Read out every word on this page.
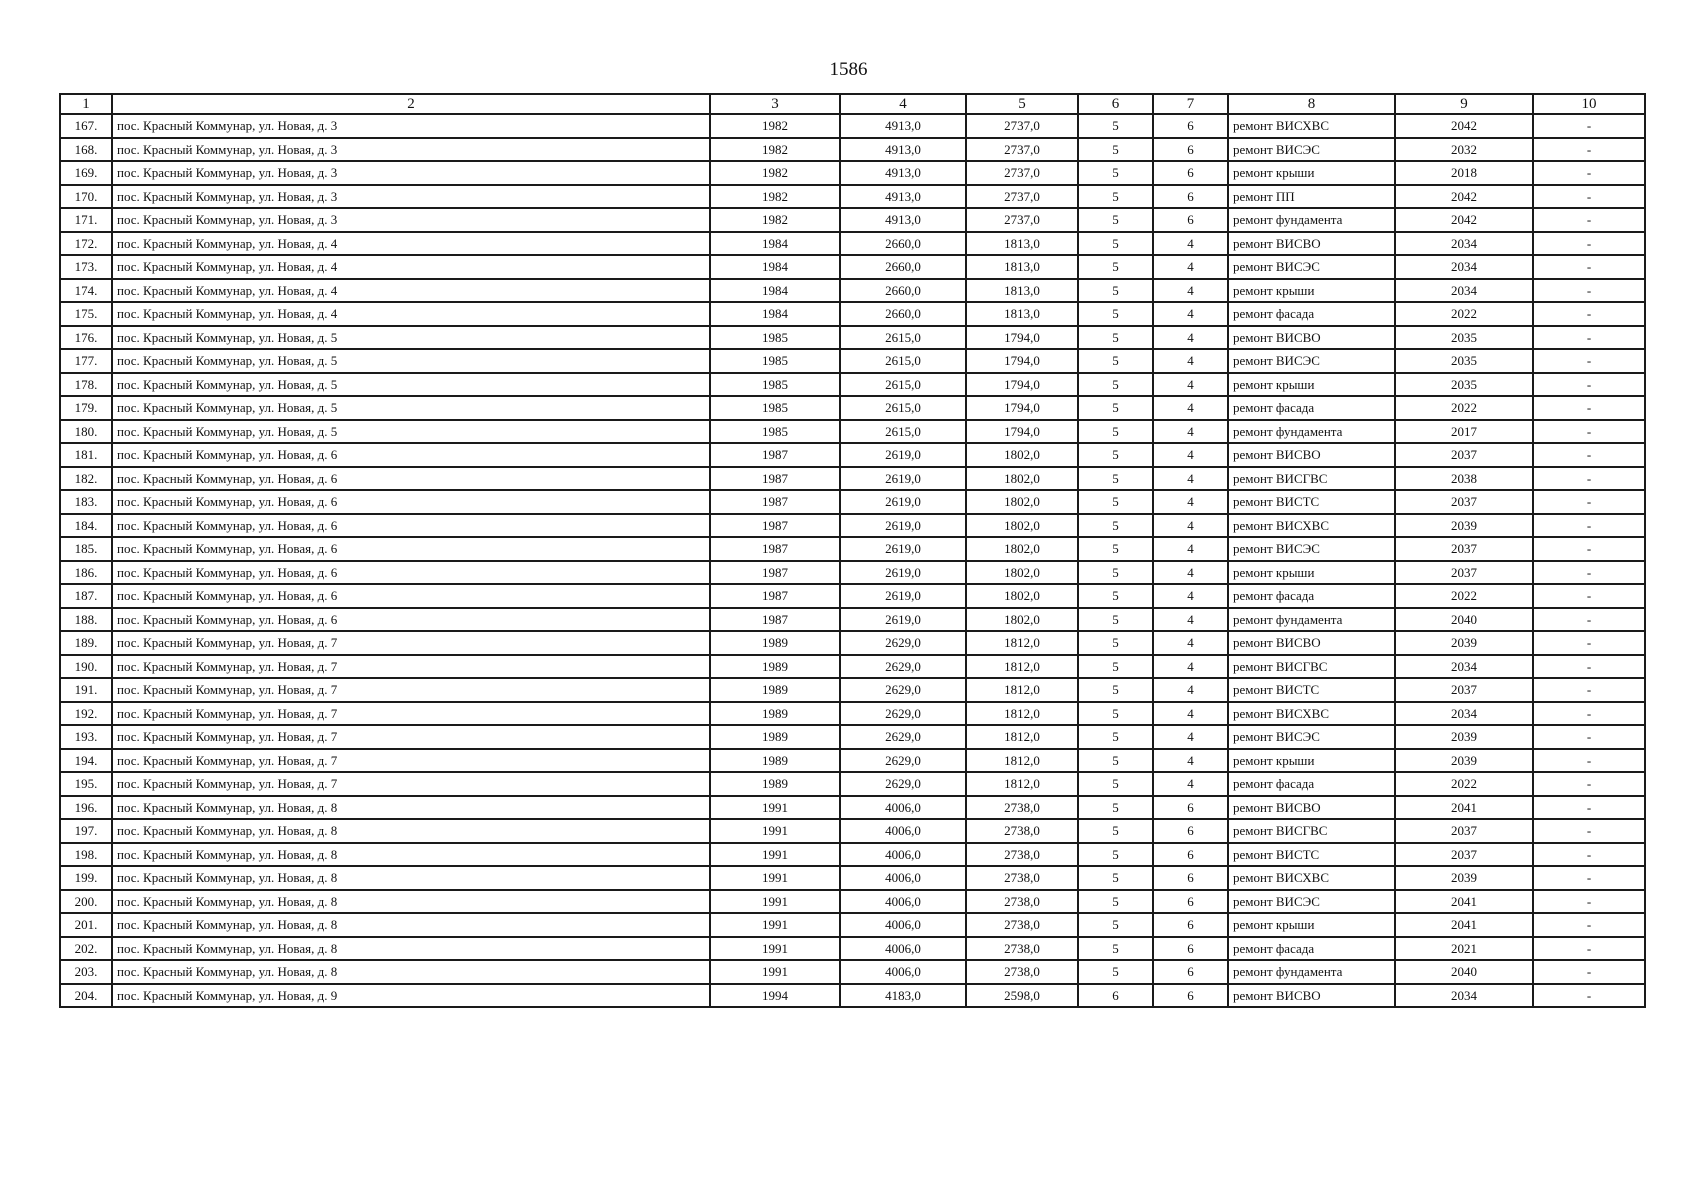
1586
1	2	3	4	5	6	7	8	9	10
167.	пос. Красный Коммунар, ул. Новая, д. 3	1982	4913,0	2737,0	5	6	ремонт ВИСХВС	2042	-
168.	пос. Красный Коммунар, ул. Новая, д. 3	1982	4913,0	2737,0	5	6	ремонт ВИСЭС	2032	-
169.	пос. Красный Коммунар, ул. Новая, д. 3	1982	4913,0	2737,0	5	6	ремонт крыши	2018	-
170.	пос. Красный Коммунар, ул. Новая, д. 3	1982	4913,0	2737,0	5	6	ремонт ПП	2042	-
171.	пос. Красный Коммунар, ул. Новая, д. 3	1982	4913,0	2737,0	5	6	ремонт фундамента	2042	-
172.	пос. Красный Коммунар, ул. Новая, д. 4	1984	2660,0	1813,0	5	4	ремонт ВИСВО	2034	-
173.	пос. Красный Коммунар, ул. Новая, д. 4	1984	2660,0	1813,0	5	4	ремонт ВИСЭС	2034	-
174.	пос. Красный Коммунар, ул. Новая, д. 4	1984	2660,0	1813,0	5	4	ремонт крыши	2034	-
175.	пос. Красный Коммунар, ул. Новая, д. 4	1984	2660,0	1813,0	5	4	ремонт фасада	2022	-
176.	пос. Красный Коммунар, ул. Новая, д. 5	1985	2615,0	1794,0	5	4	ремонт ВИСВО	2035	-
177.	пос. Красный Коммунар, ул. Новая, д. 5	1985	2615,0	1794,0	5	4	ремонт ВИСЭС	2035	-
178.	пос. Красный Коммунар, ул. Новая, д. 5	1985	2615,0	1794,0	5	4	ремонт крыши	2035	-
179.	пос. Красный Коммунар, ул. Новая, д. 5	1985	2615,0	1794,0	5	4	ремонт фасада	2022	-
180.	пос. Красный Коммунар, ул. Новая, д. 5	1985	2615,0	1794,0	5	4	ремонт фундамента	2017	-
181.	пос. Красный Коммунар, ул. Новая, д. 6	1987	2619,0	1802,0	5	4	ремонт ВИСВО	2037	-
182.	пос. Красный Коммунар, ул. Новая, д. 6	1987	2619,0	1802,0	5	4	ремонт ВИСГВС	2038	-
183.	пос. Красный Коммунар, ул. Новая, д. 6	1987	2619,0	1802,0	5	4	ремонт ВИСТС	2037	-
184.	пос. Красный Коммунар, ул. Новая, д. 6	1987	2619,0	1802,0	5	4	ремонт ВИСХВС	2039	-
185.	пос. Красный Коммунар, ул. Новая, д. 6	1987	2619,0	1802,0	5	4	ремонт ВИСЭС	2037	-
186.	пос. Красный Коммунар, ул. Новая, д. 6	1987	2619,0	1802,0	5	4	ремонт крыши	2037	-
187.	пос. Красный Коммунар, ул. Новая, д. 6	1987	2619,0	1802,0	5	4	ремонт фасада	2022	-
188.	пос. Красный Коммунар, ул. Новая, д. 6	1987	2619,0	1802,0	5	4	ремонт фундамента	2040	-
189.	пос. Красный Коммунар, ул. Новая, д. 7	1989	2629,0	1812,0	5	4	ремонт ВИСВО	2039	-
190.	пос. Красный Коммунар, ул. Новая, д. 7	1989	2629,0	1812,0	5	4	ремонт ВИСГВС	2034	-
191.	пос. Красный Коммунар, ул. Новая, д. 7	1989	2629,0	1812,0	5	4	ремонт ВИСТС	2037	-
192.	пос. Красный Коммунар, ул. Новая, д. 7	1989	2629,0	1812,0	5	4	ремонт ВИСХВС	2034	-
193.	пос. Красный Коммунар, ул. Новая, д. 7	1989	2629,0	1812,0	5	4	ремонт ВИСЭС	2039	-
194.	пос. Красный Коммунар, ул. Новая, д. 7	1989	2629,0	1812,0	5	4	ремонт крыши	2039	-
195.	пос. Красный Коммунар, ул. Новая, д. 7	1989	2629,0	1812,0	5	4	ремонт фасада	2022	-
196.	пос. Красный Коммунар, ул. Новая, д. 8	1991	4006,0	2738,0	5	6	ремонт ВИСВО	2041	-
197.	пос. Красный Коммунар, ул. Новая, д. 8	1991	4006,0	2738,0	5	6	ремонт ВИСГВС	2037	-
198.	пос. Красный Коммунар, ул. Новая, д. 8	1991	4006,0	2738,0	5	6	ремонт ВИСТС	2037	-
199.	пос. Красный Коммунар, ул. Новая, д. 8	1991	4006,0	2738,0	5	6	ремонт ВИСХВС	2039	-
200.	пос. Красный Коммунар, ул. Новая, д. 8	1991	4006,0	2738,0	5	6	ремонт ВИСЭС	2041	-
201.	пос. Красный Коммунар, ул. Новая, д. 8	1991	4006,0	2738,0	5	6	ремонт крыши	2041	-
202.	пос. Красный Коммунар, ул. Новая, д. 8	1991	4006,0	2738,0	5	6	ремонт фасада	2021	-
203.	пос. Красный Коммунар, ул. Новая, д. 8	1991	4006,0	2738,0	5	6	ремонт фундамента	2040	-
204.	пос. Красный Коммунар, ул. Новая, д. 9	1994	4183,0	2598,0	6	6	ремонт ВИСВО	2034	-
